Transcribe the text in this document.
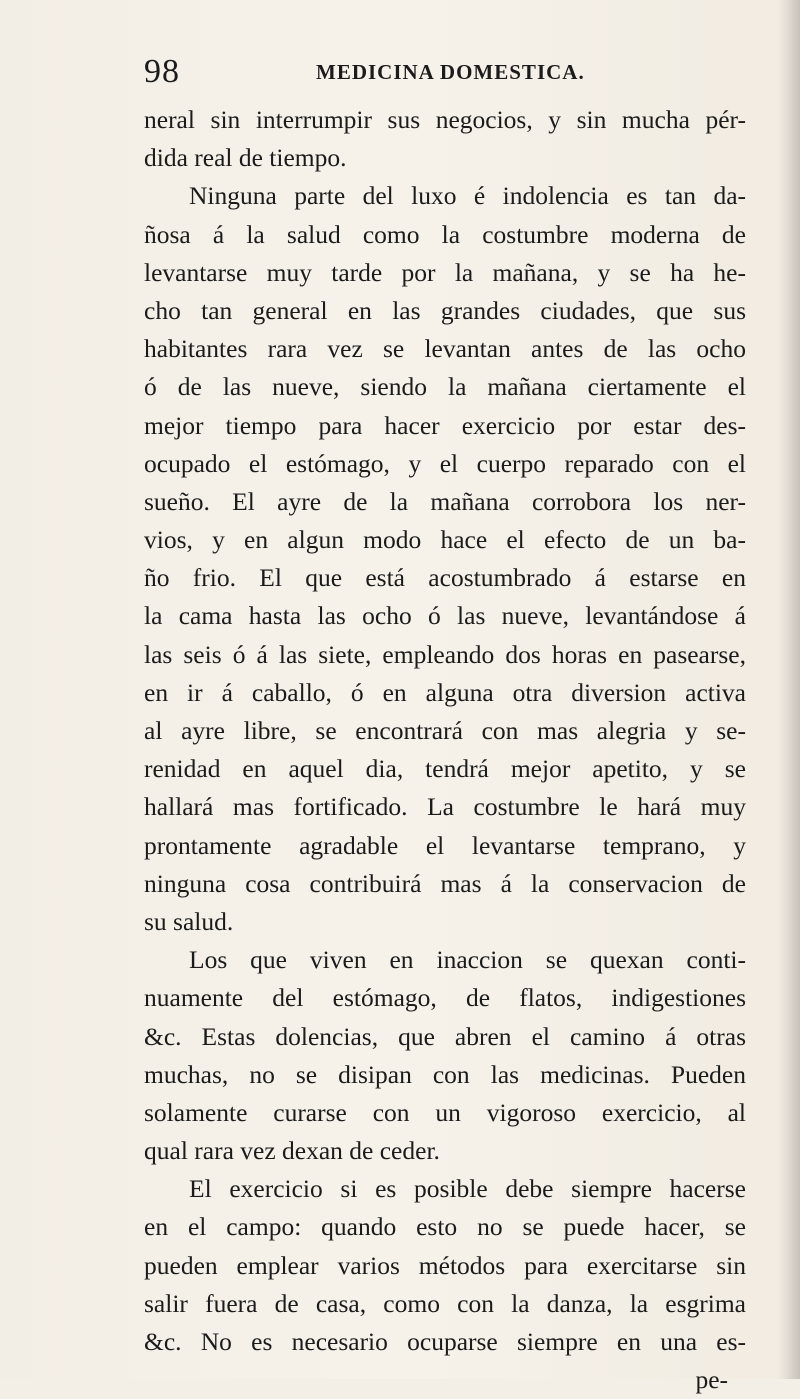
98	MEDICINA DOMESTICA.
neral sin interrumpir sus negocios, y sin mucha pér-
dida real de tiempo.
Ninguna parte del luxo é indolencia es tan da-
ñosa á la salud como la costumbre moderna de
levantarse muy tarde por la mañana, y se ha he-
cho tan general en las grandes ciudades, que sus
habitantes rara vez se levantan antes de las ocho
ó de las nueve, siendo la mañana ciertamente el
mejor tiempo para hacer exercicio por estar des-
ocupado el estómago, y el cuerpo reparado con el
sueño. El ayre de la mañana corrobora los ner-
vios, y en algun modo hace el efecto de un ba-
ño frio. El que está acostumbrado á estarse en
la cama hasta las ocho ó las nueve, levantándose á
las seis ó á las siete, empleando dos horas en pasearse,
en ir á caballo, ó en alguna otra diversion activa
al ayre libre, se encontrará con mas alegria y se-
renidad en aquel dia, tendrá mejor apetito, y se
hallará mas fortificado. La costumbre le hará muy
prontamente agradable el levantarse temprano, y
ninguna cosa contribuirá mas á la conservacion de
su salud.
Los que viven en inaccion se quexan conti-
nuamente del estómago, de flatos, indigestiones
&c. Estas dolencias, que abren el camino á otras
muchas, no se disipan con las medicinas. Pueden
solamente curarse con un vigoroso exercicio, al
qual rara vez dexan de ceder.
El exercicio si es posible debe siempre hacerse
en el campo: quando esto no se puede hacer, se
pueden emplear varios métodos para exercitarse sin
salir fuera de casa, como con la danza, la esgrima
&c. No es necesario ocuparse siempre en una es-
pe-
